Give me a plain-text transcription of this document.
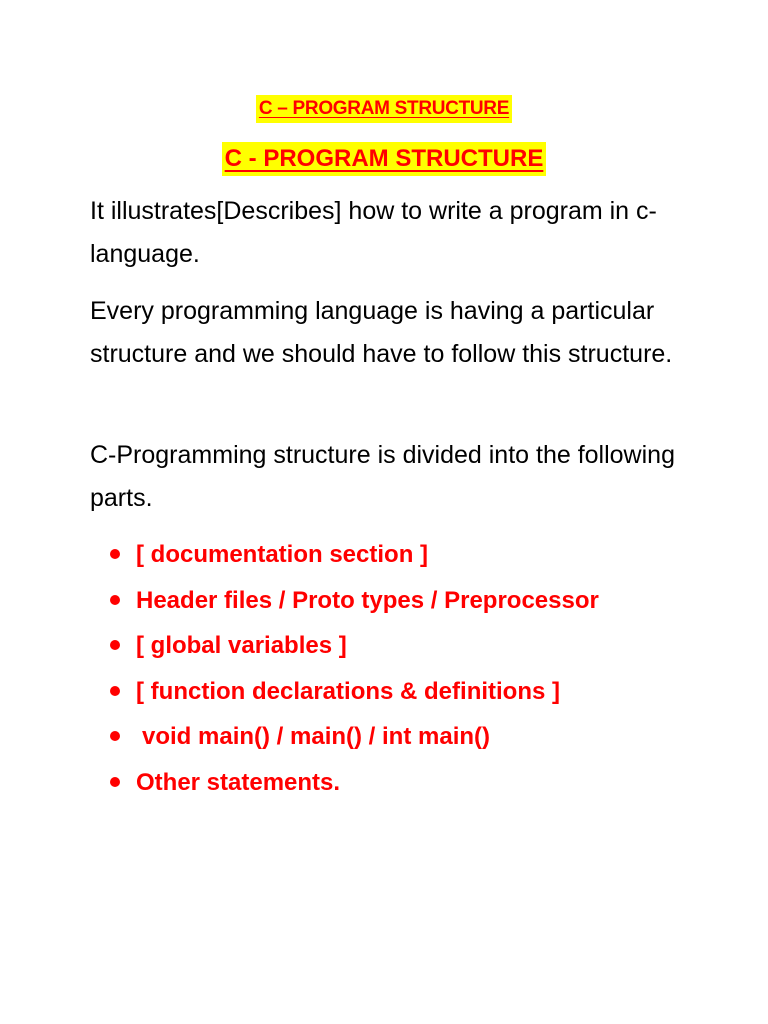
C – PROGRAM STRUCTURE
C - PROGRAM STRUCTURE
It illustrates[Describes] how to write a program in c-language.
Every programming language is having a particular structure and we should have to follow this structure.
C-Programming structure is divided into the following parts.
[ documentation section ]
Header files / Proto types / Preprocessor
[ global variables ]
[ function declarations & definitions ]
void main() / main() / int main()
Other statements.
